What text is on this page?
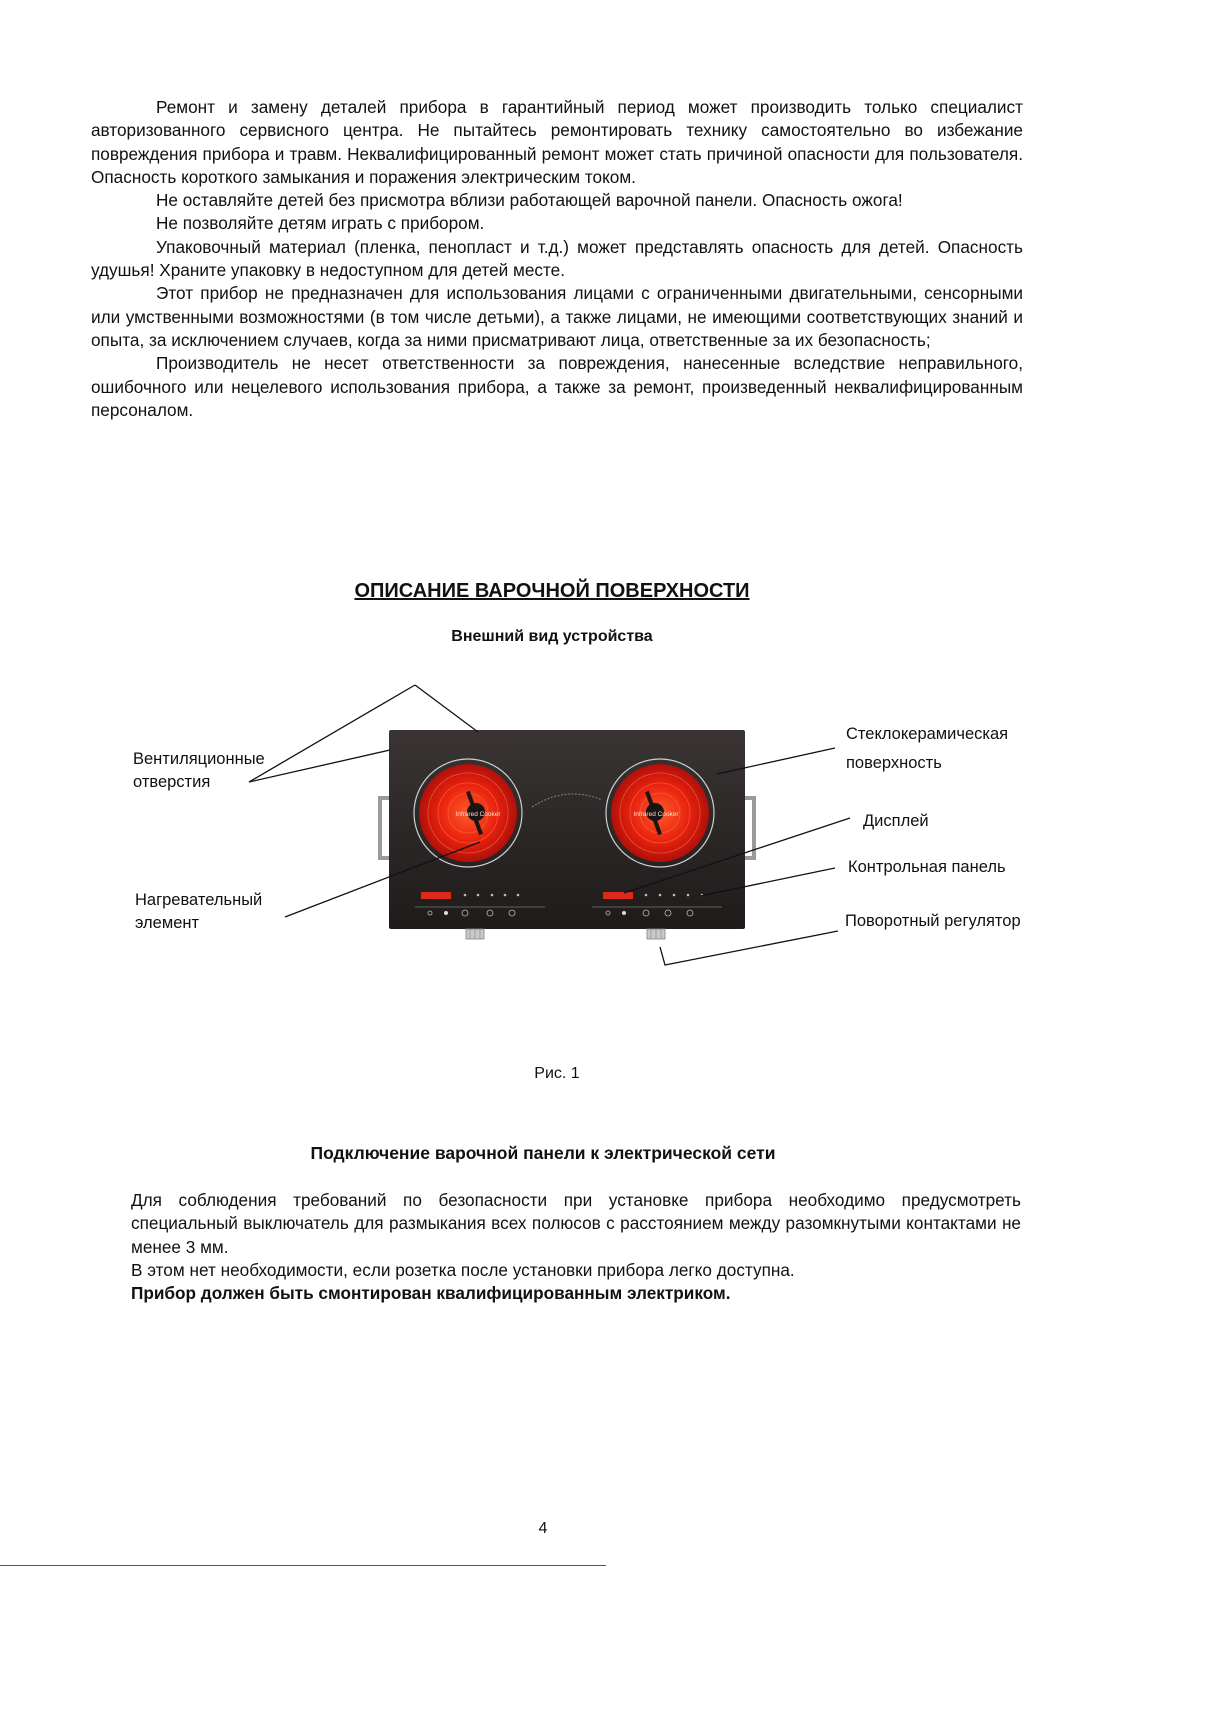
Ремонт и замену деталей прибора в гарантийный период может производить только специалист авторизованного сервисного центра. Не пытайтесь ремонтировать технику самостоятельно во избежание повреждения прибора и травм. Неквалифицированный ремонт может стать причиной опасности для пользователя. Опасность короткого замыкания и поражения электрическим током.

Не оставляйте детей без присмотра вблизи работающей варочной панели. Опасность ожога!

Не позволяйте детям играть с прибором.

Упаковочный материал (пленка, пенопласт и т.д.) может представлять опасность для детей. Опасность удушья! Храните упаковку в недоступном для детей месте.

Этот прибор не предназначен для использования лицами с ограниченными двигательными, сенсорными или умственными возможностями (в том числе детьми), а также лицами, не имеющими соответствующих знаний и опыта, за исключением случаев, когда за ними присматривают лица, ответственные за их безопасность;

Производитель не несет ответственности за повреждения, нанесенные вследствие неправильного, ошибочного или нецелевого использования прибора, а также за ремонт, произведенный неквалифицированным персоналом.

ОПИСАНИЕ ВАРОЧНОЙ ПОВЕРХНОСТИ
Внешний вид устройства
Infrared Cooker	Infrared Cooker
Вентиляционные
отверстия
Нагревательный
элемент
Стеклокерамическая
поверхность
Дисплей
Контрольная панель
Поворотный регулятор
Рис. 1
Подключение варочной панели к электрической сети

Для соблюдения требований по безопасности при установке прибора необходимо предусмотреть специальный выключатель для размыкания всех полюсов с расстоянием между разомкнутыми контактами не менее 3 мм.

В этом нет необходимости, если розетка после установки прибора легко доступна.

Прибор должен быть смонтирован квалифицированным электриком.

4
